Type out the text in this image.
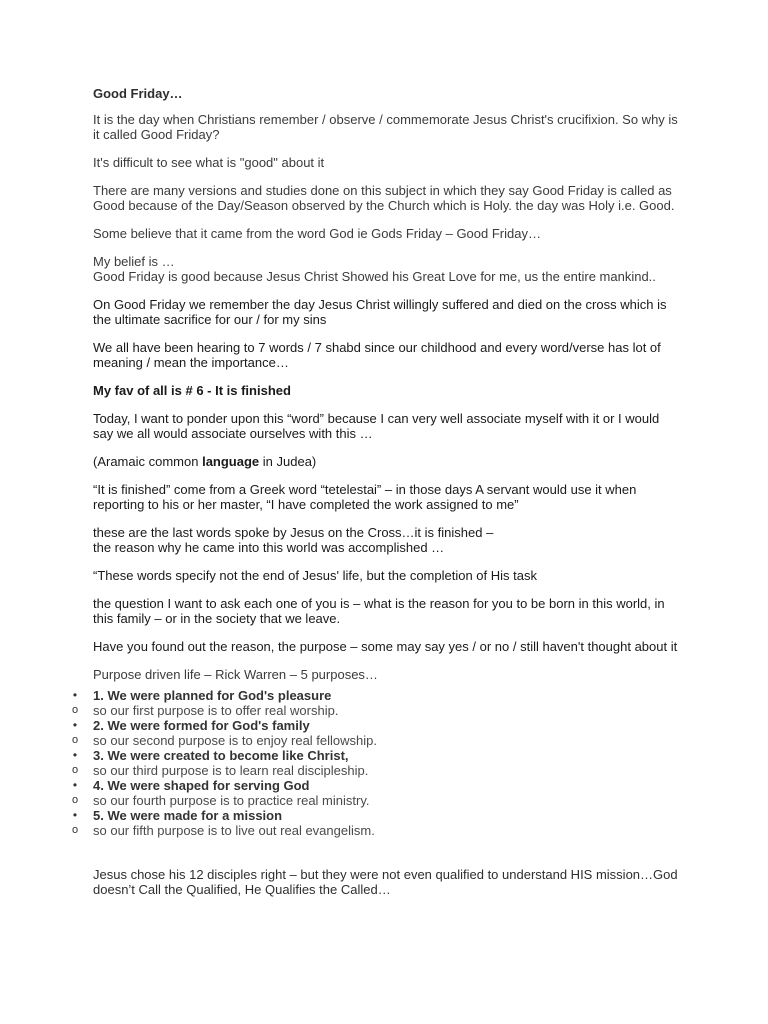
Good Friday…

It is the day when Christians remember / observe / commemorate Jesus Christ's crucifixion. So why is it called Good Friday?

It's difficult to see what is "good" about it

There are many versions and studies done on this subject in which they say Good Friday is called as Good because of the Day/Season observed by the Church which is Holy. the day was Holy i.e. Good.

Some believe that it came from the word God ie Gods Friday – Good Friday…

My belief is …
Good Friday is good because Jesus Christ Showed his Great Love for me, us the entire mankind..

On Good Friday we remember the day Jesus Christ willingly suffered and died on the cross which is the ultimate sacrifice for our / for my sins

We all have been hearing to 7 words / 7 shabd since our childhood and every word/verse has lot of meaning / mean the importance…

My fav of all is # 6 - It is finished

Today, I want to ponder upon this “word” because I can very well associate myself with it or I would say we all would associate ourselves with this …

(Aramaic common language in Judea)

“It is finished” come from a Greek word “tetelestai” – in those days A servant would use it when reporting to his or her master, “I have completed the work assigned to me”

these are the last words spoke by Jesus on the Cross…it is finished –
the reason why he came into this world was accomplished …

“These words specify not the end of Jesus' life, but the completion of His task

the question I want to ask each one of you is – what is the reason for you to be born in this world, in this family – or in the society that we leave.

Have you found out the reason, the purpose – some may say yes / or no / still haven't thought about it

Purpose driven life – Rick Warren – 5 purposes…

• 1. We were planned for God's pleasure
o so our first purpose is to offer real worship.
• 2. We were formed for God's family
o so our second purpose is to enjoy real fellowship.
• 3. We were created to become like Christ,
o so our third purpose is to learn real discipleship.
• 4. We were shaped for serving God
o so our fourth purpose is to practice real ministry.
• 5. We were made for a mission
o so our fifth purpose is to live out real evangelism.
Jesus chose his 12 disciples right – but they were not even qualified to understand HIS mission…God
doesn’t Call the Qualified, He Qualifies the Called…
